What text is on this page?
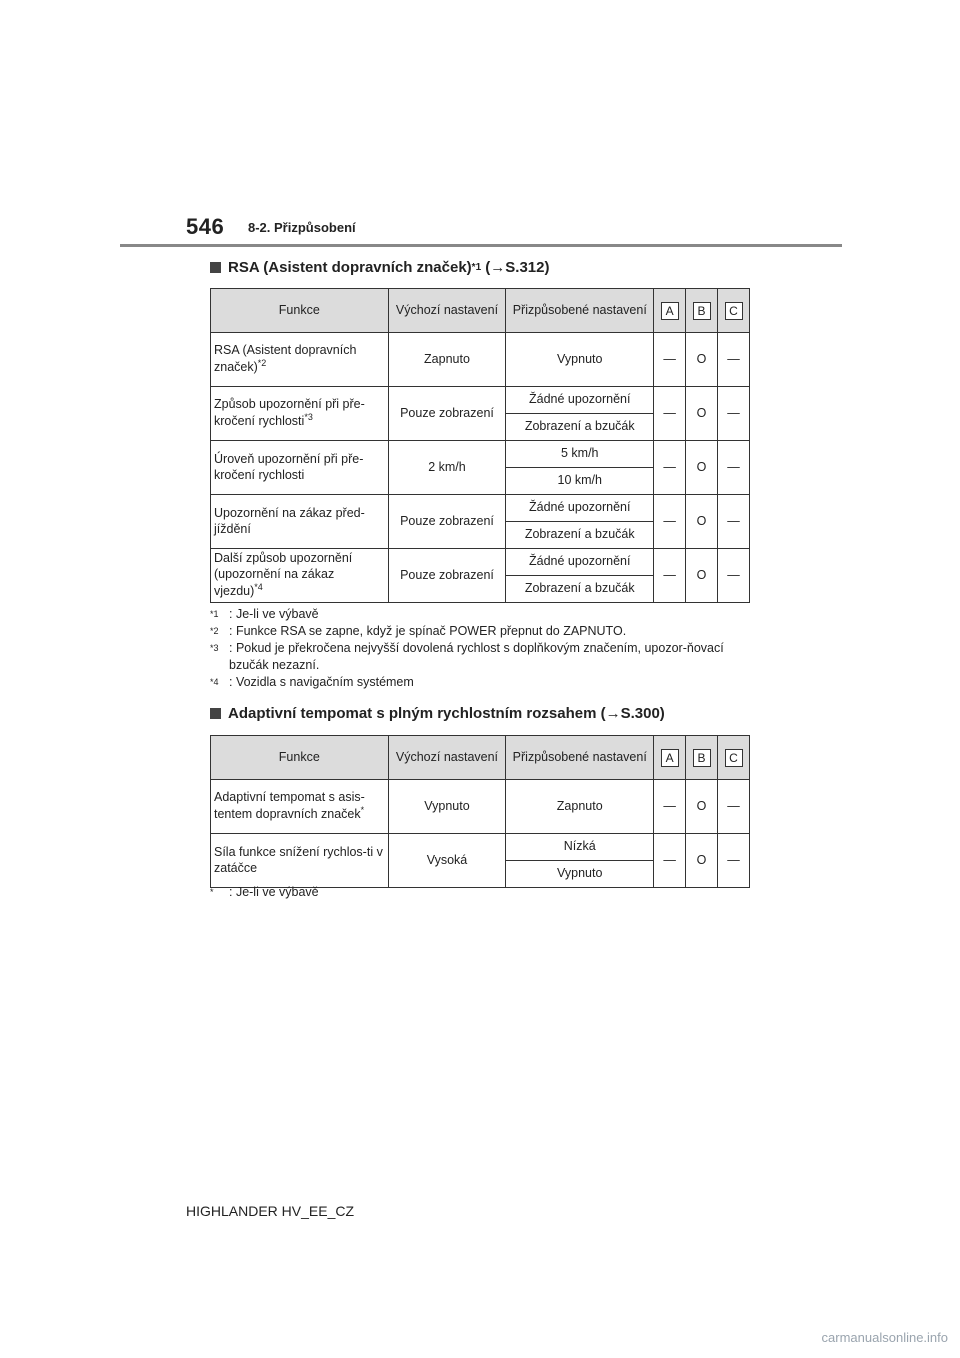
546 8-2. Přizpůsobení
RSA (Asistent dopravních značek) *1 (→S.312)
Funkce	Výchozí nastavení	Přizpůsobené nastavení	A	B	C
RSA (Asistent dopravních značek)$^{*2}$	Zapnuto	Vypnuto	—	O	—
Způsob upozornění při pře-kročení rychlosti$^{*3}$	Pouze zobrazení	Žádné upozornění	—	O	—
		Zobrazení a bzučák			
Úroveň upozornění při pře-kročení rychlosti	2 km/h	5 km/h	—	O	—
		10 km/h			
Upozornění na zákaz před-jíždění	Pouze zobrazení	Žádné upozornění	—	O	—
		Zobrazení a bzučák			
Další způsob upozornění (upozornění na zákaz vjezdu)$^{*4}$	Pouze zobrazení	Žádné upozornění	—	O	—
		Zobrazení a bzučák			
$^{*1}$ : Je-li ve výbavě
$^{*2}$ : Funkce RSA se zapne, když je spínač POWER přepnut do ZAPNUTO.
$^{*3}$ : Pokud je překročena nejvyšší dovolená rychlost s doplňkovým značením, upozor-ňovací bzučák nezazní.
$^{*4}$ : Vozidla s navigačním systémem
Adaptivní tempomat s plným rychlostním rozsahem (→S.300)
Funkce	Výchozí nastavení	Přizpůsobené nastavení	A	B	C
Adaptivní tempomat s asis-tentem dopravních značek*	Vypnuto	Zapnuto	—	O	—
Síla funkce snížení rychlos-ti v zatáčce	Vysoká	Nízká	—	O	—
		Vypnuto			
* : Je-li ve výbavě
HIGHLANDER HV_EE_CZ
carmanualsonline.info
